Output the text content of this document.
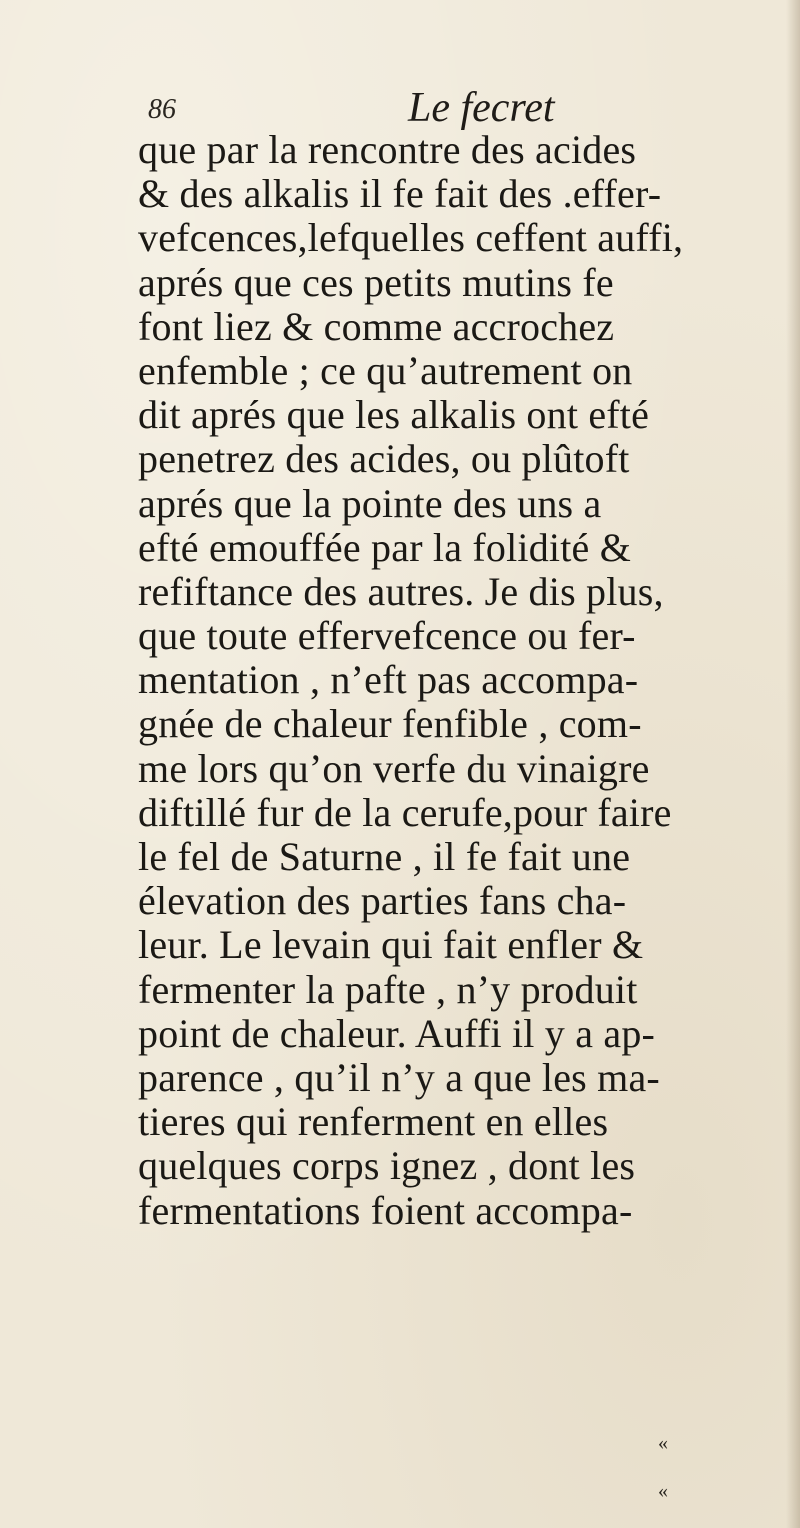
86	Le fecret
que par la rencontre des acides
& des alkalis il fe fait des .effer-
vefcences,lefquelles ceffent auffi,
aprés que ces petits mutins fe
font liez & comme accrochez
enfemble ; ce qu’autrement on
dit aprés que les alkalis ont efté
penetrez des acides, ou plûtoft
aprés que la pointe des uns a
efté emouffée par la folidité &
refiftance des autres. Je dis plus,
que toute effervefcence ou fer-
mentation , n’eft pas accompa-
gnée de chaleur fenfible , com-
me lors qu’on verfe du vinaigre
diftillé fur de la cerufe,pour faire
le fel de Saturne , il fe fait une
élevation des parties fans cha-
leur. Le levain qui fait enfler &
fermenter la pafte , n’y produit
point de chaleur. Auffi il y a ap-
parence , qu’il n’y a que les ma-
tieres qui renferment en elles
quelques corps ignez , dont les
fermentations foient accompa-
«
«
